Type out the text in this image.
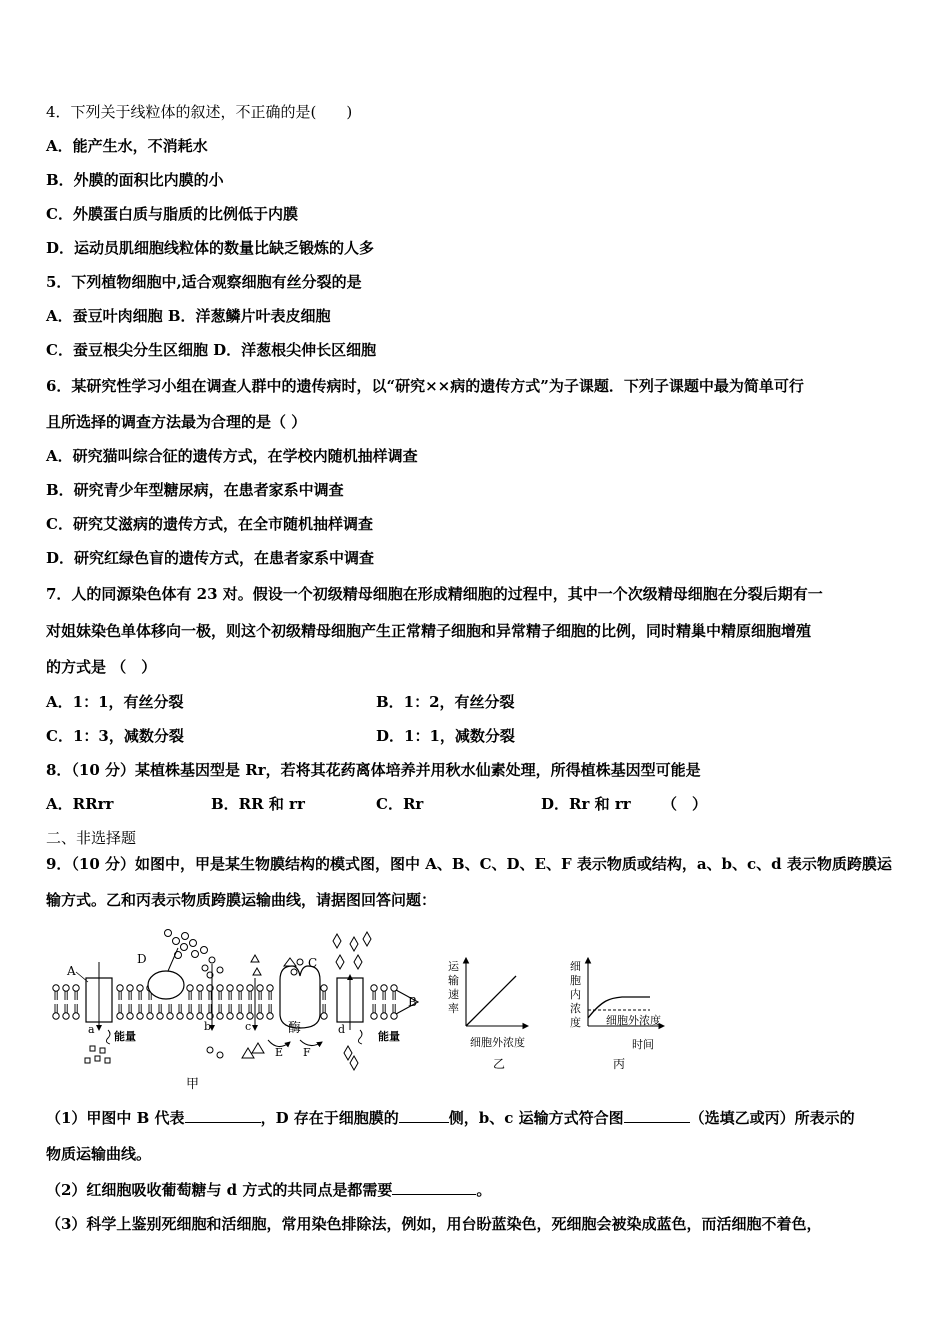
4．下列关于线粒体的叙述，不正确的是(　　)
A．能产生水，不消耗水
B．外膜的面积比内膜的小
C．外膜蛋白质与脂质的比例低于内膜
D．运动员肌细胞线粒体的数量比缺乏锻炼的人多
5．下列植物细胞中,适合观察细胞有丝分裂的是
A．蚕豆叶肉细胞 B．洋葱鳞片叶表皮细胞
C．蚕豆根尖分生区细胞 D．洋葱根尖伸长区细胞
6．某研究性学习小组在调查人群中的遗传病时，以“研究××病的遗传方式”为子课题．下列子课题中最为简单可行
且所选择的调查方法最为合理的是（ ）
A．研究猫叫综合征的遗传方式，在学校内随机抽样调查
B．研究青少年型糖尿病，在患者家系中调查
C．研究艾滋病的遗传方式，在全市随机抽样调查
D．研究红绿色盲的遗传方式，在患者家系中调查
7．人的同源染色体有 23 对。假设一个初级精母细胞在形成精细胞的过程中，其中一个次级精母细胞在分裂后期有一
对姐妹染色单体移向一极，则这个初级精母细胞产生正常精子细胞和异常精子细胞的比例，同时精巢中精原细胞增殖
的方式是 （　）
A．1：1，有丝分裂	B．1：2，有丝分裂
C．1：3，减数分裂	D．1：1，减数分裂
8．（10 分）某植株基因型是 Rr，若将其花药离体培养并用秋水仙素处理，所得植株基因型可能是
A．RRrr	B．RR 和 rr	C．Rr	D．Rr 和 rr （　）
二、非选择题
9．（10 分）如图中，甲是某生物膜结构的模式图，图中 A、B、C、D、E、F 表示物质或结构，a、b、c、d 表示物质跨膜运
输方式。乙和丙表示物质跨膜运输曲线，请据图回答问题：
A
a
能量
D
b	c	酶
C
E F
d
能量
B
甲
运
输
速
率
细胞外浓度
乙
细
胞
内
浓
度 细胞外浓度
时间
丙
（1）甲图中 B 代表	，D 存在于细胞膜的	侧，b、c 运输方式符合图	（选填乙或丙）所表示的
物质运输曲线。
（2）红细胞吸收葡萄糖与 d 方式的共同点是都需要	。
（3）科学上鉴别死细胞和活细胞，常用染色排除法，例如，用台盼蓝染色，死细胞会被染成蓝色，而活细胞不着色，
